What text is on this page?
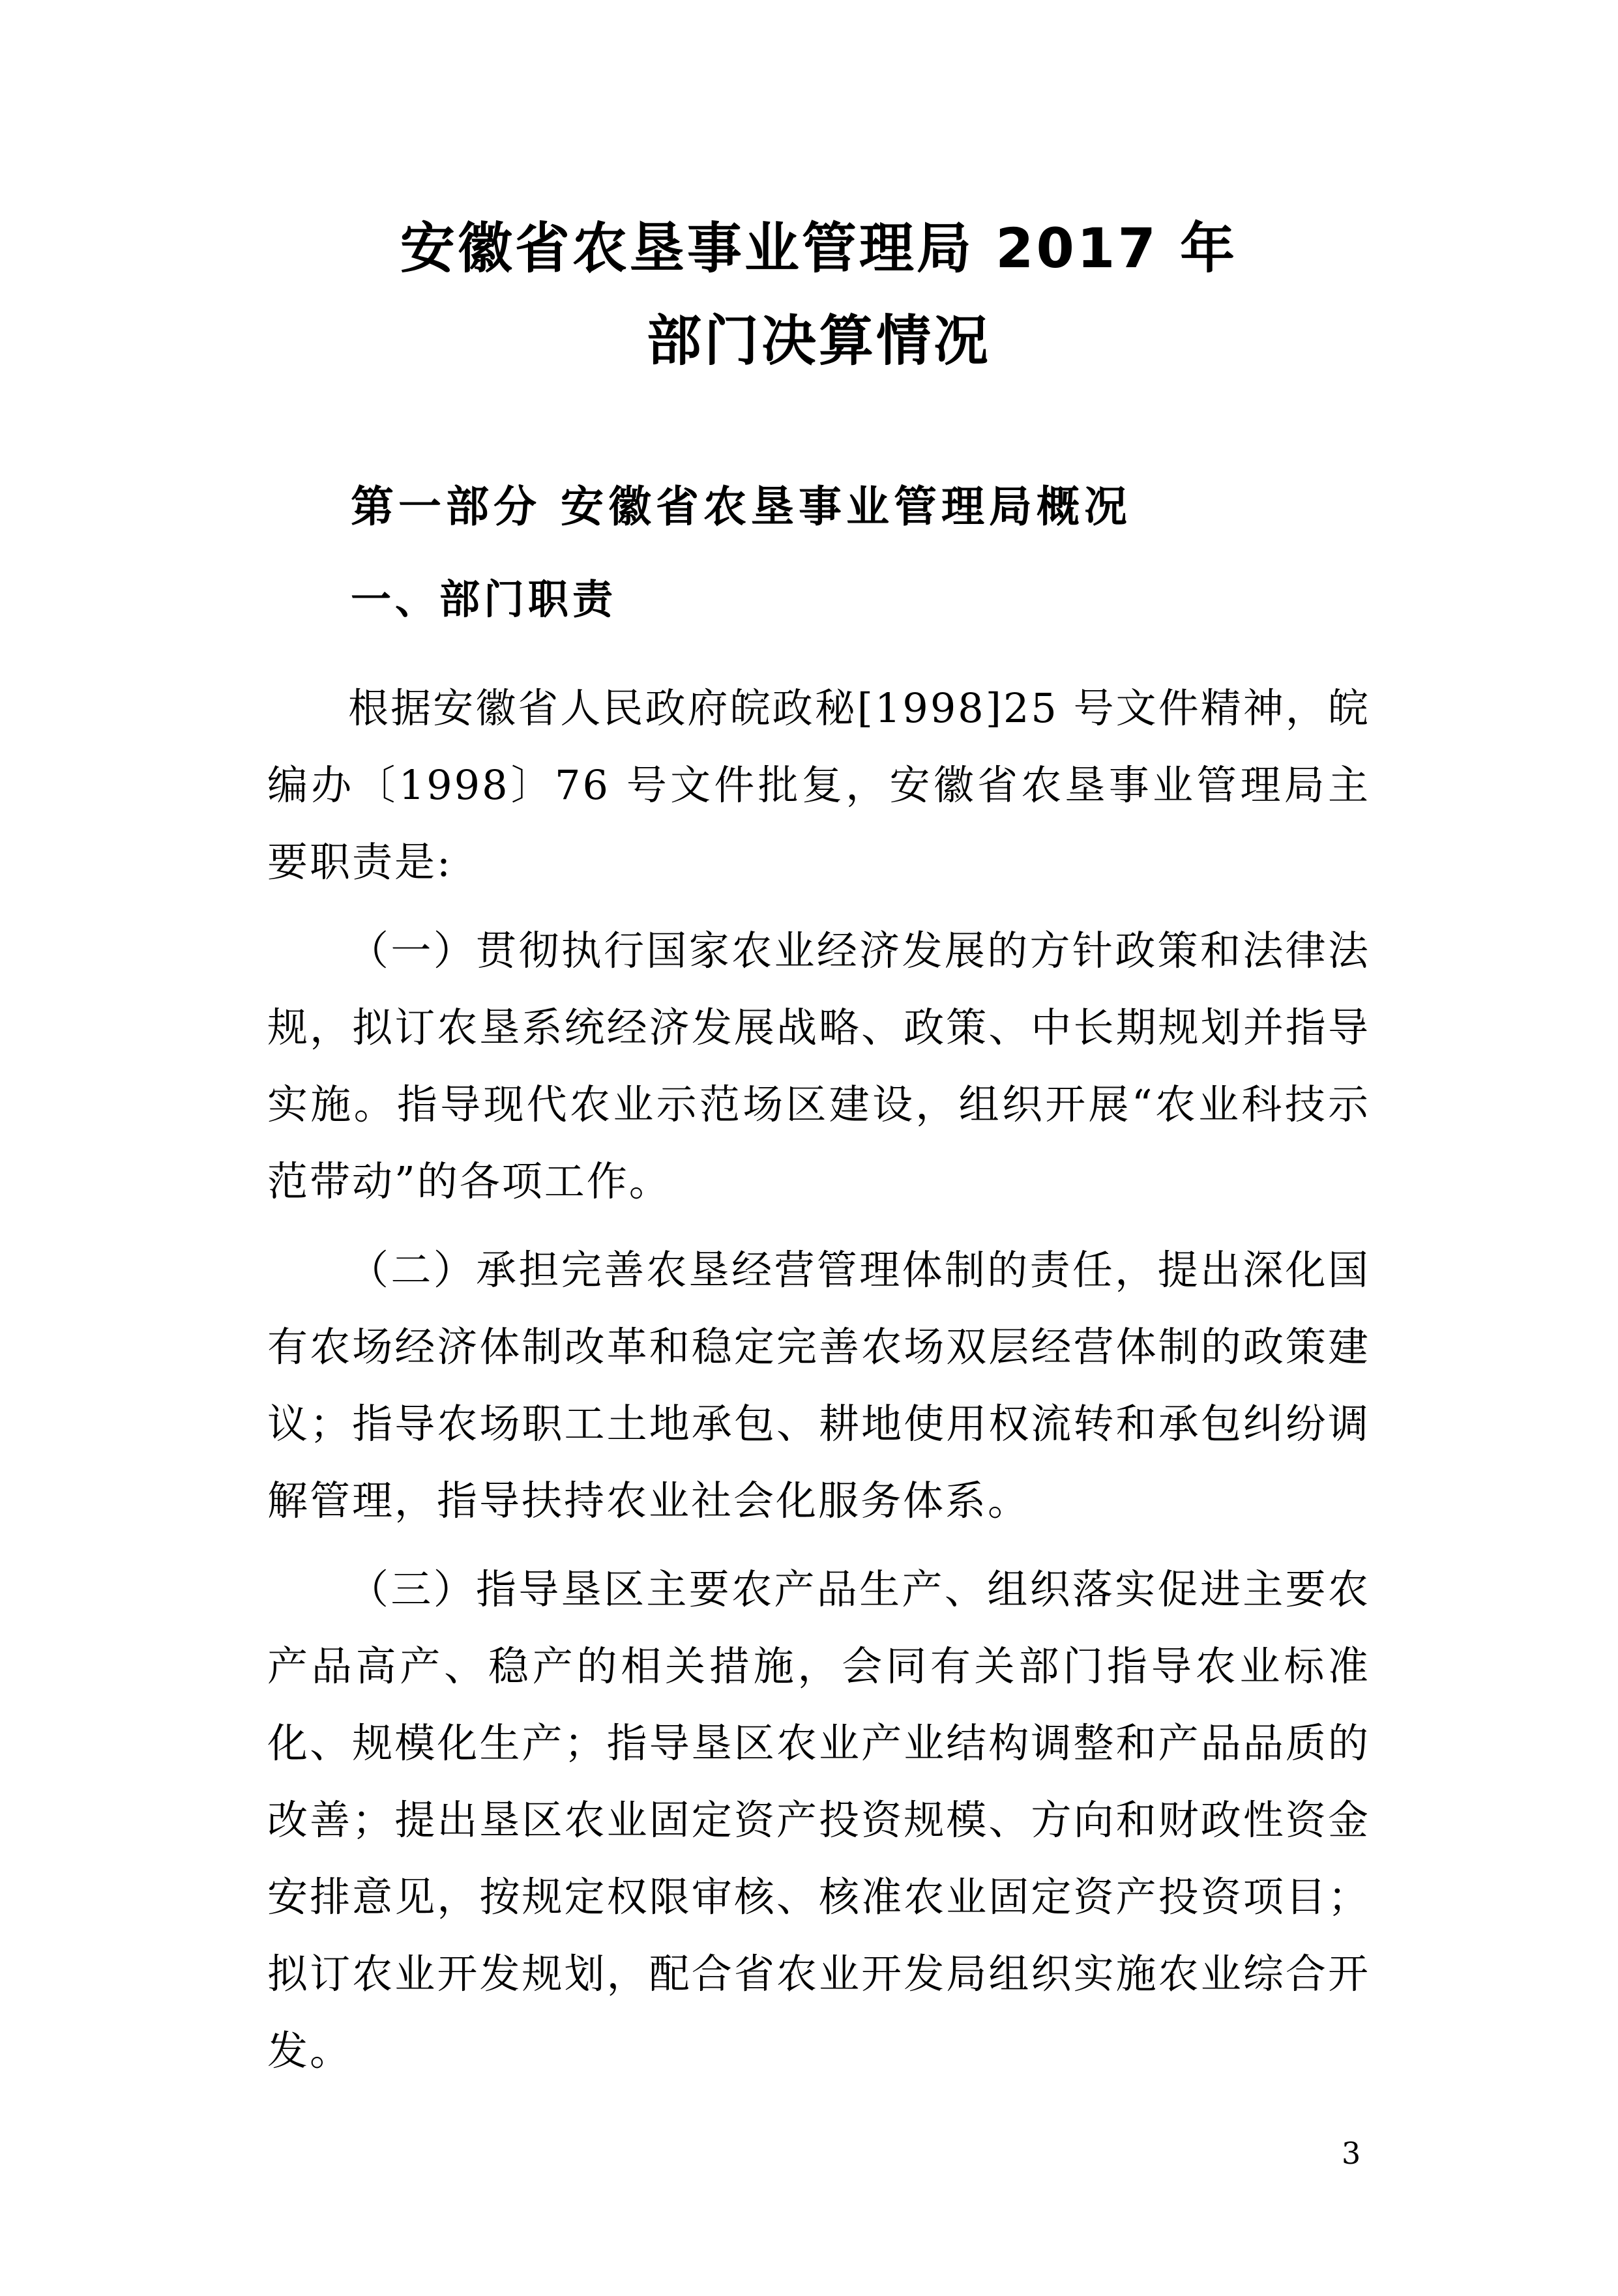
安徽省农垦事业管理局 2017 年
部门决算情况
第一部分 安徽省农垦事业管理局概况
一、部门职责

根据安徽省人民政府皖政秘[1998]25 号文件精神，皖编办〔1998〕76 号文件批复，安徽省农垦事业管理局主要职责是:

（一）贯彻执行国家农业经济发展的方针政策和法律法规，拟订农垦系统经济发展战略、政策、中长期规划并指导实施。指导现代农业示范场区建设，组织开展“农业科技示范带动”的各项工作。

（二）承担完善农垦经营管理体制的责任，提出深化国有农场经济体制改革和稳定完善农场双层经营体制的政策建议；指导农场职工土地承包、耕地使用权流转和承包纠纷调解管理，指导扶持农业社会化服务体系。

（三）指导垦区主要农产品生产、组织落实促进主要农产品高产、稳产的相关措施，会同有关部门指导农业标准化、规模化生产；指导垦区农业产业结构调整和产品品质的改善；提出垦区农业固定资产投资规模、方向和财政性资金安排意见，按规定权限审核、核准农业固定资产投资项目；拟订农业开发规划，配合省农业开发局组织实施农业综合开发。

3
